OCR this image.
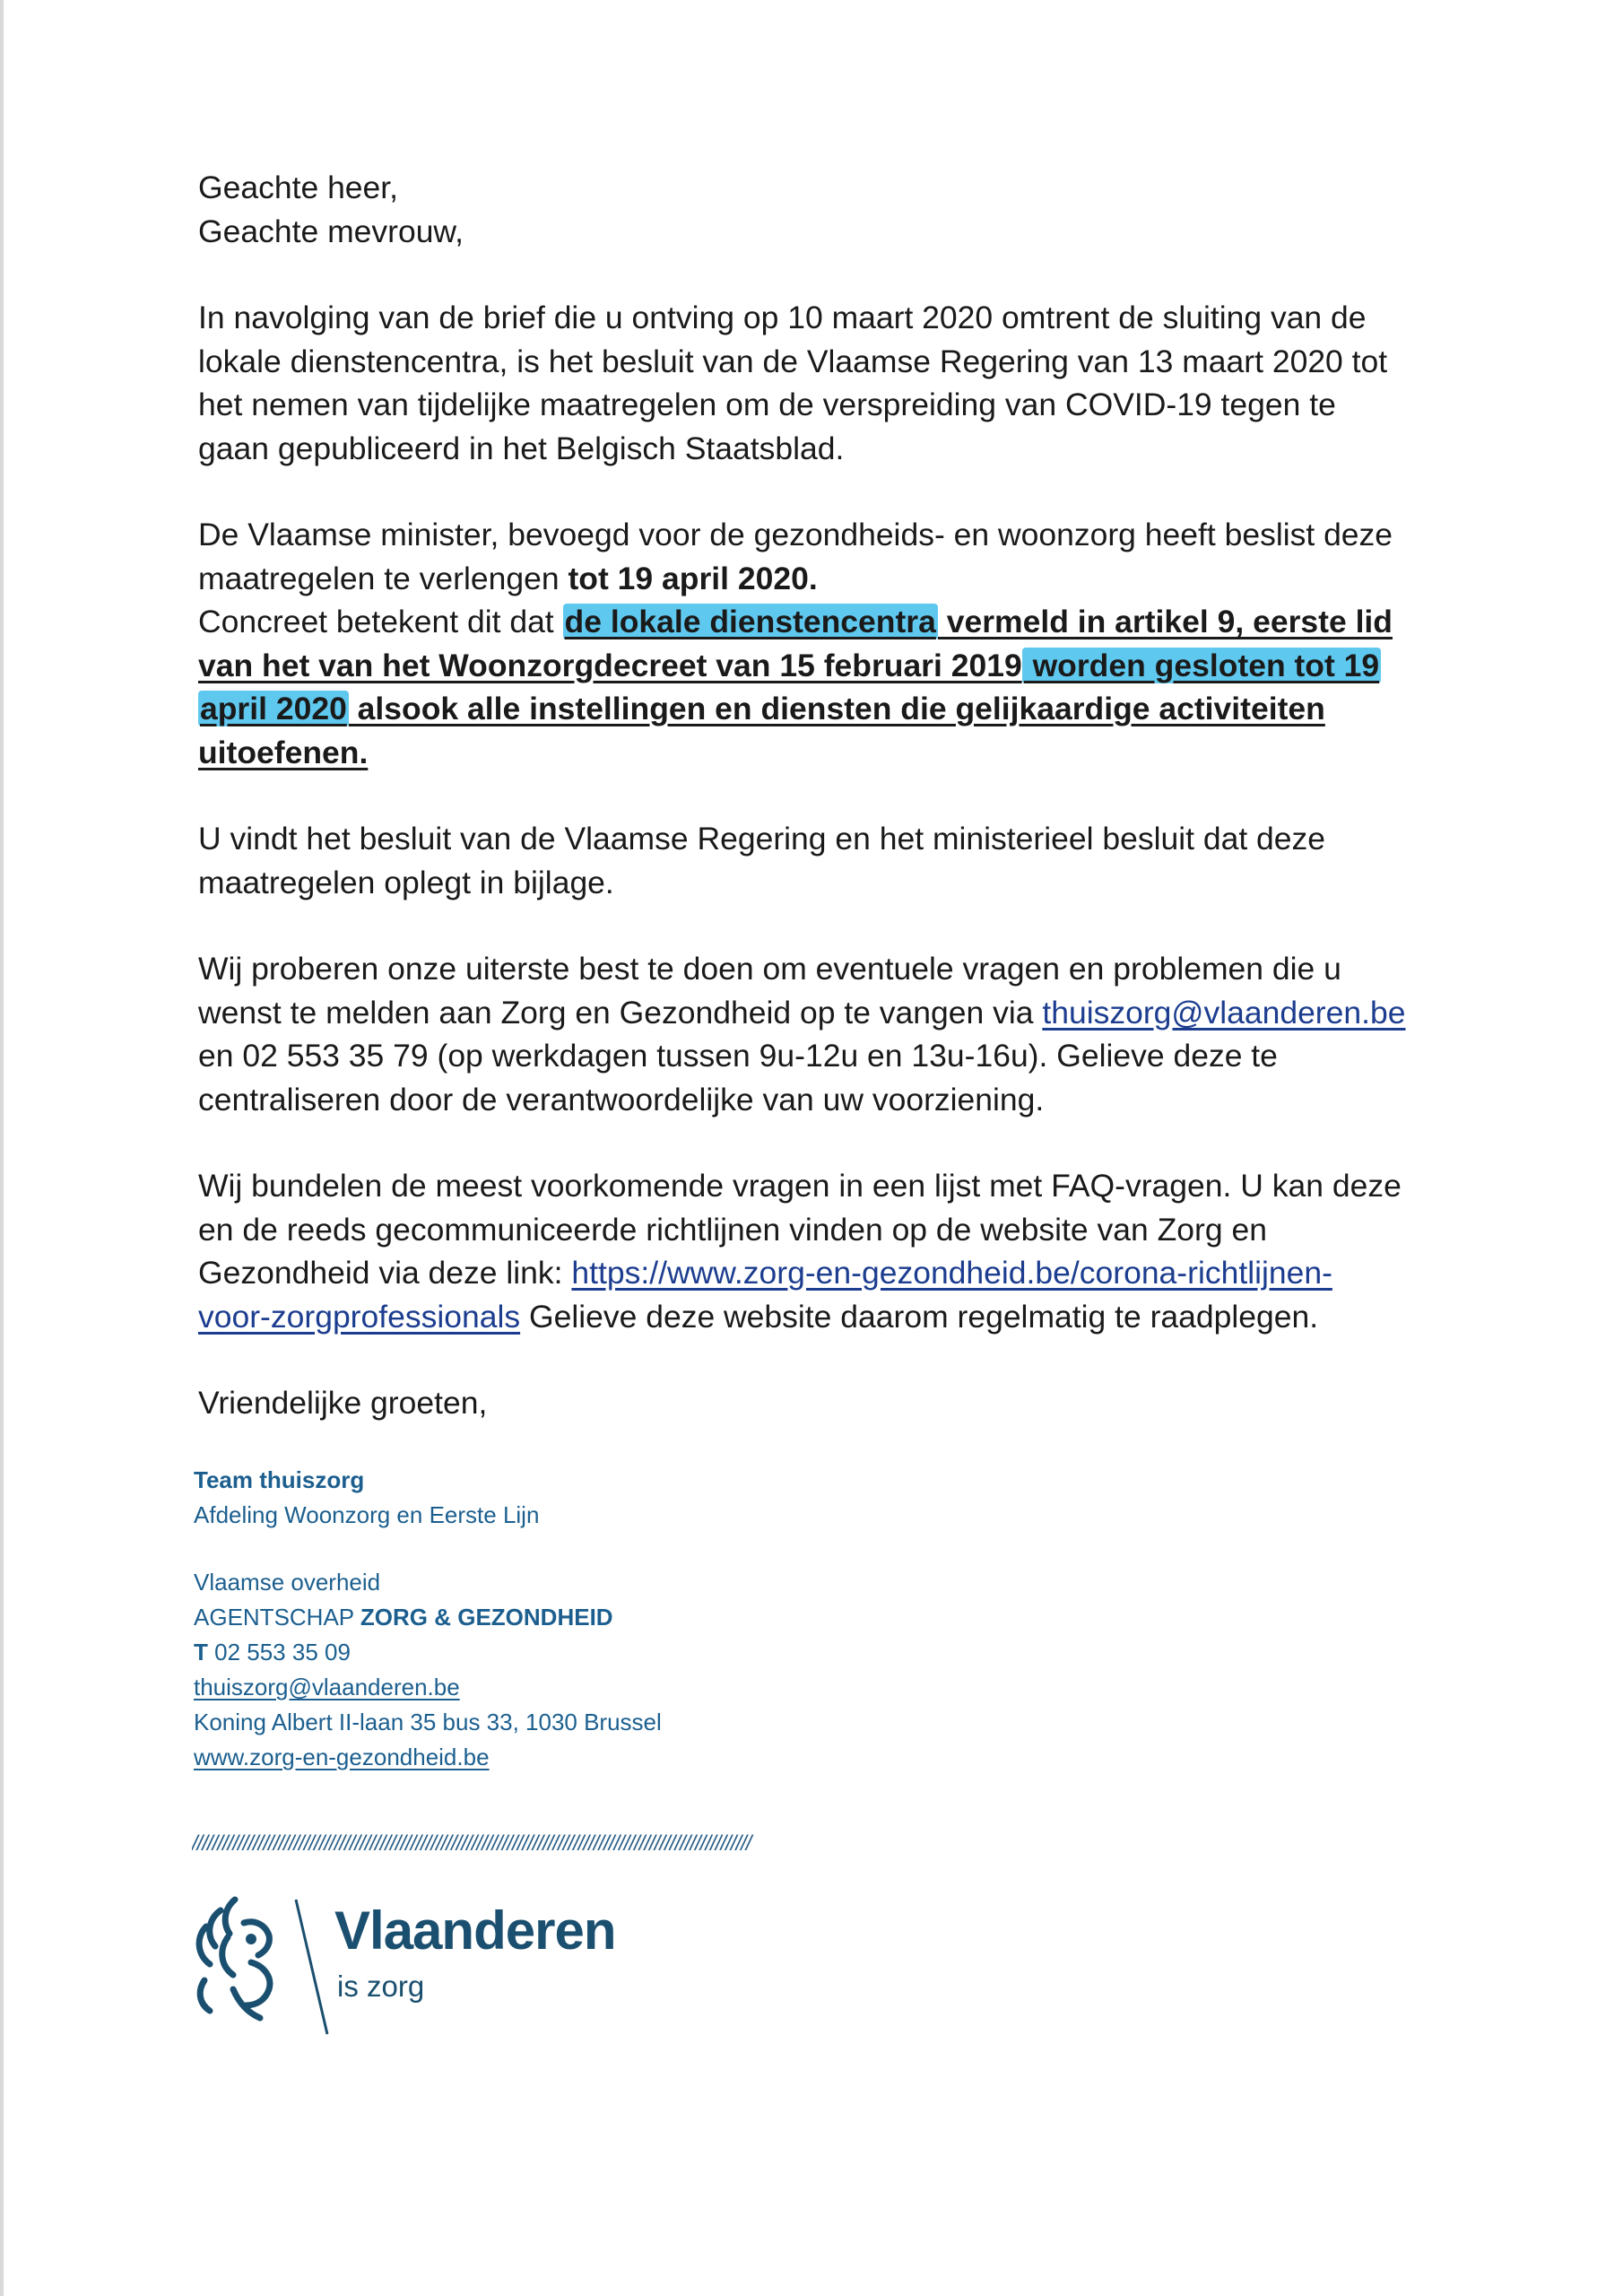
Geachte heer,

Geachte mevrouw,

In navolging van de brief die u ontving op 10 maart 2020 omtrent de sluiting van de

lokale dienstencentra, is het besluit van de Vlaamse Regering van 13 maart 2020 tot

het nemen van tijdelijke maatregelen om de verspreiding van COVID-19 tegen te

gaan gepubliceerd in het Belgisch Staatsblad.

De Vlaamse minister, bevoegd voor de gezondheids- en woonzorg heeft beslist deze

maatregelen te verlengen tot 19 april 2020.

Concreet betekent dit dat de lokale dienstencentra vermeld in artikel 9, eerste lid

van het van het Woonzorgdecreet van 15 februari 2019 worden gesloten tot 19

april 2020 alsook alle instellingen en diensten die gelijkaardige activiteiten

uitoefenen.

U vindt het besluit van de Vlaamse Regering en het ministerieel besluit dat deze

maatregelen oplegt in bijlage.

Wij proberen onze uiterste best te doen om eventuele vragen en problemen die u

wenst te melden aan Zorg en Gezondheid op te vangen via thuiszorg@vlaanderen.be

en 02 553 35 79 (op werkdagen tussen 9u-12u en 13u-16u). Gelieve deze te

centraliseren door de verantwoordelijke van uw voorziening.

Wij bundelen de meest voorkomende vragen in een lijst met FAQ-vragen. U kan deze

en de reeds gecommuniceerde richtlijnen vinden op de website van Zorg en

Gezondheid via deze link: https://www.zorg-en-gezondheid.be/corona-richtlijnen-

voor-zorgprofessionals Gelieve deze website daarom regelmatig te raadplegen.

Vriendelijke groeten,

Team thuiszorg
Afdeling Woonzorg en Eerste Lijn
Vlaamse overheid
AGENTSCHAP ZORG & GEZONDHEID
T 02 553 35 09
thuiszorg@vlaanderen.be
Koning Albert II-laan 35 bus 33, 1030 Brussel
www.zorg-en-gezondheid.be
//////////////////////////////////////////////////////////////////////////////////////////////////////////////
Vlaanderen
is zorg
